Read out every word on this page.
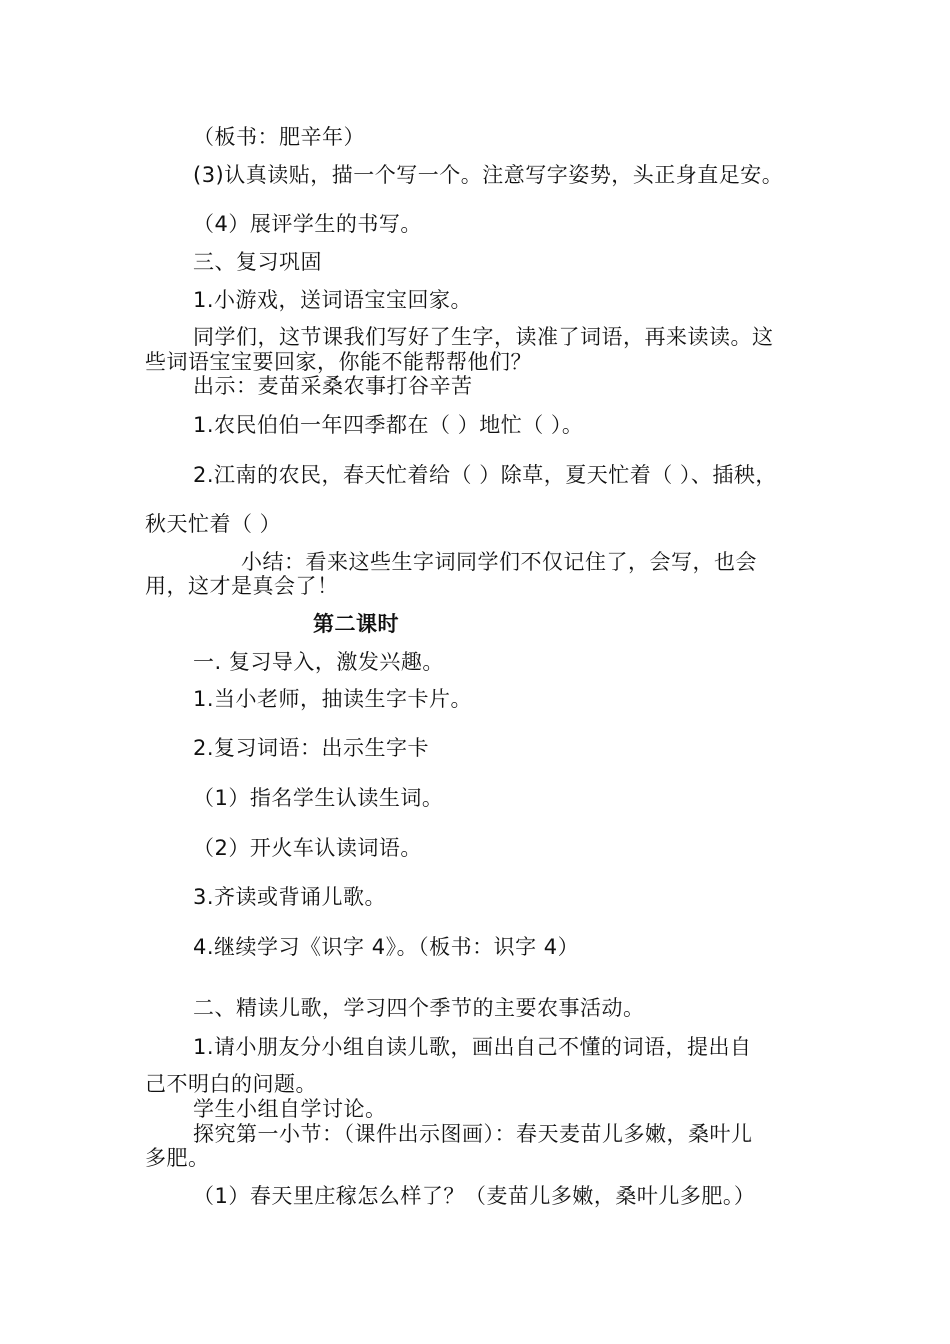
（板书：肥辛年）
(3)认真读贴，描一个写一个。注意写字姿势，头正身直足安。
（4）展评学生的书写。
三、复习巩固
1.小游戏，送词语宝宝回家。
同学们，这节课我们写好了生字，读准了词语，再来读读。这
些词语宝宝要回家，你能不能帮帮他们？
出示：麦苗采桑农事打谷辛苦
1.农民伯伯一年四季都在（ ）地忙（ ）。
2.江南的农民，春天忙着给（ ）除草，夏天忙着（ ）、插秧，
秋天忙着（ ）
小结：看来这些生字词同学们不仅记住了，会写，也会
用，这才是真会了！
第二课时
一. 复习导入，激发兴趣。
1.当小老师，抽读生字卡片。
2.复习词语：出示生字卡
（1）指名学生认读生词。
（2）开火车认读词语。
3.齐读或背诵儿歌。
4.继续学习《识字 4》。（板书：识字 4）
二、精读儿歌，学习四个季节的主要农事活动。
1.请小朋友分小组自读儿歌，画出自己不懂的词语，提出自
己不明白的问题。
学生小组自学讨论。
探究第一小节：（课件出示图画）：春天麦苗儿多嫩，桑叶儿
多肥。
（1）春天里庄稼怎么样了？（麦苗儿多嫩，桑叶儿多肥。）
